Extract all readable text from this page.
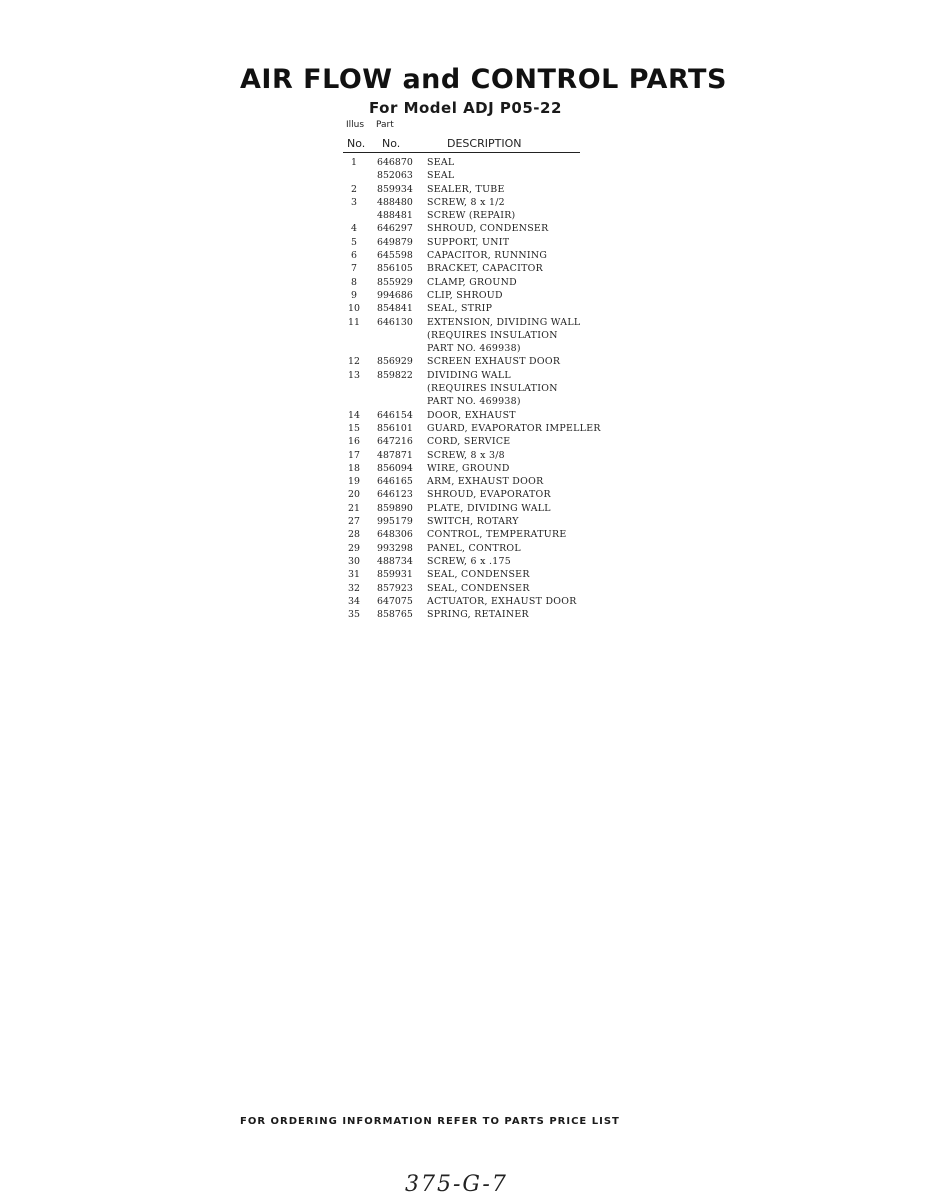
AIR FLOW and CONTROL PARTS
For Model ADJ P05-22
Illus Part
No. No.	DESCRIPTION
1	646870 SEAL
852063 SEAL
2	859934 SEALER, TUBE
3	488480 SCREW, 8 x 1/2
488481 SCREW (REPAIR)
4	646297 SHROUD, CONDENSER
5	649879 SUPPORT, UNIT
6	645598 CAPACITOR, RUNNING
7	856105 BRACKET, CAPACITOR
8	855929 CLAMP, GROUND
9	994686 CLIP, SHROUD
10	854841 SEAL, STRIP
11	646130 EXTENSION, DIVIDING WALL
(REQUIRES INSULATION
PART NO. 469938)
12	856929 SCREEN EXHAUST DOOR
13	859822 DIVIDING WALL
(REQUIRES INSULATION
PART NO. 469938)
14	646154 DOOR, EXHAUST
15	856101 GUARD, EVAPORATOR IMPELLER
16	647216 CORD, SERVICE
17	487871 SCREW, 8 x 3/8
18	856094 WIRE, GROUND
19	646165 ARM, EXHAUST DOOR
20	646123 SHROUD, EVAPORATOR
21	859890 PLATE, DIVIDING WALL
27	995179 SWITCH, ROTARY
28	648306 CONTROL, TEMPERATURE
29	993298 PANEL, CONTROL
30	488734 SCREW, 6 x .175
31	859931 SEAL, CONDENSER
32	857923 SEAL, CONDENSER
34	647075 ACTUATOR, EXHAUST DOOR
35	858765 SPRING, RETAINER

FOR ORDERING INFORMATION REFER TO PARTS PRICE LIST

375-G-7
